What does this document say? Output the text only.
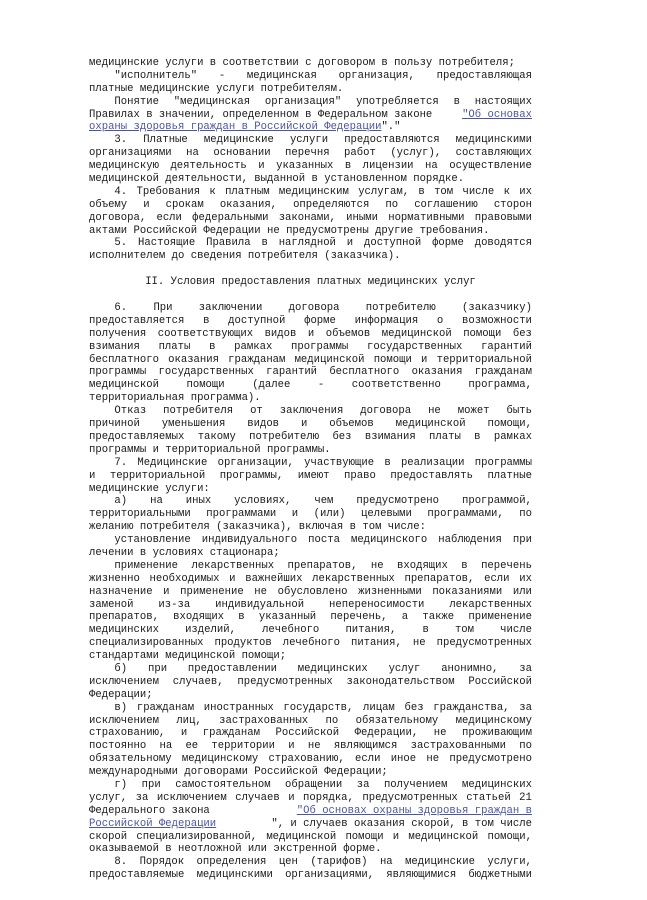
медицинские услуги в соответствии с договором в пользу потребителя;
"исполнитель" - медицинская организация, предоставляющая
платные медицинские услуги потребителям.
Понятие "медицинская организация" употребляется в настоящих
Правилах в значении, определенном в Федеральном законе "Об основах
охраны здоровья граждан в Российской Федерации"."
3. Платные медицинские услуги предоставляются медицинскими
организациями на основании перечня работ (услуг), составляющих
медицинскую деятельность и указанных в лицензии на осуществление
медицинской деятельности, выданной в установленном порядке.
4. Требования к платным медицинским услугам, в том числе к их
объему и срокам оказания, определяются по соглашению сторон
договора, если федеральными законами, иными нормативными правовыми
актами Российской Федерации не предусмотрены другие требования.
5. Настоящие Правила в наглядной и доступной форме доводятся
исполнителем до сведения потребителя (заказчика).
II. Условия предоставления платных медицинских услуг
6. При заключении договора потребителю (заказчику)
предоставляется в доступной форме информация о возможности
получения соответствующих видов и объемов медицинской помощи без
взимания платы в рамках программы государственных гарантий
бесплатного оказания гражданам медицинской помощи и территориальной
программы государственных гарантий бесплатного оказания гражданам
медицинской	помощи	(далее	-	соответственно	программа,
территориальная программа).
Отказ потребителя от заключения договора не может быть
причиной уменьшения видов и объемов медицинской помощи,
предоставляемых такому потребителю без взимания платы в рамках
программы и территориальной программы.
7. Медицинские организации, участвующие в реализации программы
и территориальной программы, имеют право предоставлять платные
медицинские услуги:
а) на иных условиях, чем предусмотрено программой,
территориальными программами и (или) целевыми программами, по
желанию потребителя (заказчика), включая в том числе:
установление индивидуального поста медицинского наблюдения при
лечении в условиях стационара;
применение лекарственных препаратов, не входящих в перечень
жизненно необходимых и важнейших лекарственных препаратов, если их
назначение и применение не обусловлено жизненными показаниями или
заменой из-за индивидуальной непереносимости лекарственных
препаратов, входящих в указанный перечень, а также применение
медицинских изделий, лечебного питания, в том числе
специализированных продуктов лечебного питания, не предусмотренных
стандартами медицинской помощи;
б) при предоставлении медицинских услуг анонимно, за
исключением случаев, предусмотренных законодательством Российской
Федерации;
в) гражданам иностранных государств, лицам без гражданства, за
исключением лиц, застрахованных по обязательному медицинскому
страхованию, и гражданам Российской Федерации, не проживающим
постоянно на ее территории и не являющимся застрахованными по
обязательному медицинскому страхованию, если иное не предусмотрено
международными договорами Российской Федерации;
г) при самостоятельном обращении за получением медицинских
услуг, за исключением случаев и порядка, предусмотренных статьей 21
Федерального закона	"Об основах охраны здоровья граждан в
Российской Федерации	", и случаев оказания скорой, в том числе
скорой специализированной, медицинской помощи и медицинской помощи,
оказываемой в неотложной или экстренной форме.
8. Порядок определения цен (тарифов) на медицинские услуги,
предоставляемые медицинскими организациями, являющимися бюджетными
